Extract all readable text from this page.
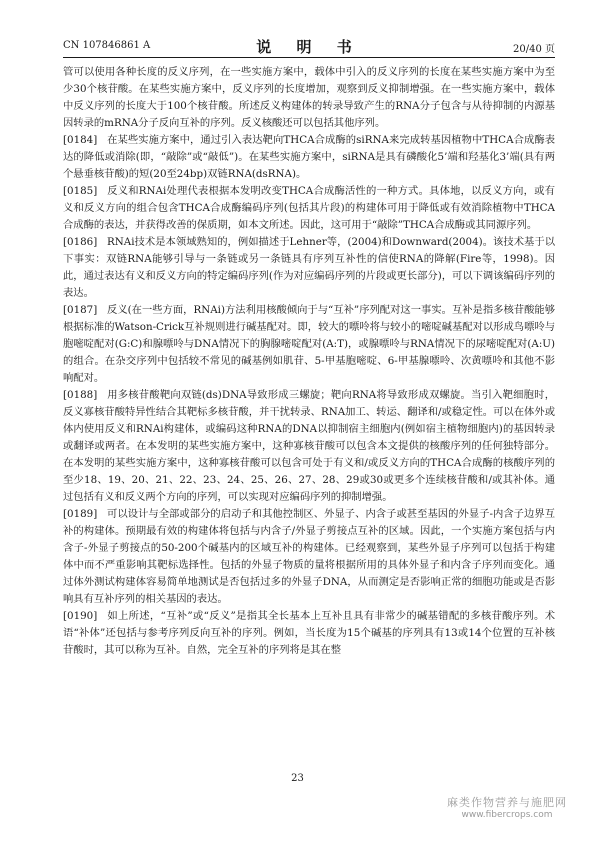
CN 107846861 A	说 明 书	20/40 页

管可以使用各种长度的反义序列，在一些实施方案中，载体中引入的反义序列的长度在某些实施方案中为至少30个核苷酸。在某些实施方案中，反义序列的长度增加，观察到反义抑制增强。在一些实施方案中，载体中反义序列的长度大于100个核苷酸。所述反义构建体的转录导致产生的RNA分子包含与从待抑制的内源基因转录的mRNA分子反向互补的序列。反义核酸还可以包括其他序列。

[0184] 在某些实施方案中，通过引入表达靶向THCA合成酶的siRNA来完成转基因植物中THCA合成酶表达的降低或消除(即，“敲除”或“敲低”)。在某些实施方案中，siRNA是具有磷酸化5’端和羟基化3’端(具有两个悬垂核苷酸)的短(20至24bp)双链RNA(dsRNA)。

[0185] 反义和RNAi处理代表根据本发明改变THCA合成酶活性的一种方式。具体地，以反义方向，或有义和反义方向的组合包含THCA合成酶编码序列(包括其片段)的构建体可用于降低或有效消除植物中THCA合成酶的表达，并获得改善的保质期，如本文所述。因此，这可用于“敲除”THCA合成酶或其同源序列。

[0186] RNAi技术是本领域熟知的，例如描述于Lehner等，(2004)和Downward(2004)。该技术基于以下事实：双链RNA能够引导与一条链或另一条链具有序列互补性的信使RNA的降解(Fire等，1998)。因此，通过表达有义和反义方向的特定编码序列(作为对应编码序列的片段或更长部分)，可以下调该编码序列的表达。

[0187] 反义(在一些方面，RNAi)方法利用核酸倾向于与“互补”序列配对这一事实。互补是指多核苷酸能够根据标准的Watson-Crick互补规则进行碱基配对。即，较大的嘌呤将与较小的嘧啶碱基配对以形成鸟嘌呤与胞嘧啶配对(G:C)和腺嘌呤与DNA情况下的胸腺嘧啶配对(A:T)，或腺嘌呤与RNA情况下的尿嘧啶配对(A:U)的组合。在杂交序列中包括较不常见的碱基例如肌苷、5-甲基胞嘧啶、6-甲基腺嘌呤、次黄嘌呤和其他不影响配对。

[0188] 用多核苷酸靶向双链(ds)DNA导致形成三螺旋；靶向RNA将导致形成双螺旋。当引入靶细胞时，反义寡核苷酸特异性结合其靶标多核苷酸，并干扰转录、RNA加工、转运、翻译和/或稳定性。可以在体外或体内使用反义和RNAi构建体，或编码这种RNA的DNA以抑制宿主细胞内(例如宿主植物细胞内)的基因转录或翻译或两者。在本发明的某些实施方案中，这种寡核苷酸可以包含本文提供的核酸序列的任何独特部分。在本发明的某些实施方案中，这种寡核苷酸可以包含可处于有义和/或反义方向的THCA合成酶的核酸序列的至少18、19、20、21、22、23、24、25、26、27、28、29或30或更多个连续核苷酸和/或其补体。通过包括有义和反义两个方向的序列，可以实现对应编码序列的抑制增强。

[0189] 可以设计与全部或部分的启动子和其他控制区、外显子、内含子或甚至基因的外显子-内含子边界互补的构建体。预期最有效的构建体将包括与内含子/外显子剪接点互补的区域。因此，一个实施方案包括与内含子-外显子剪接点的50-200个碱基内的区域互补的构建体。已经观察到，某些外显子序列可以包括于构建体中而不严重影响其靶标选择性。包括的外显子物质的量将根据所用的具体外显子和内含子序列而变化。通过体外测试构建体容易简单地测试是否包括过多的外显子DNA，从而测定是否影响正常的细胞功能或是否影响具有互补序列的相关基因的表达。

[0190] 如上所述，“互补”或“反义”是指其全长基本上互补且具有非常少的碱基错配的多核苷酸序列。术语“补体”还包括与参考序列反向互补的序列。例如，当长度为15个碱基的序列具有13或14个位置的互补核苷酸时，其可以称为互补。自然，完全互补的序列将是其在整

23
麻类作物营养与施肥网
www.fibercrops.com
